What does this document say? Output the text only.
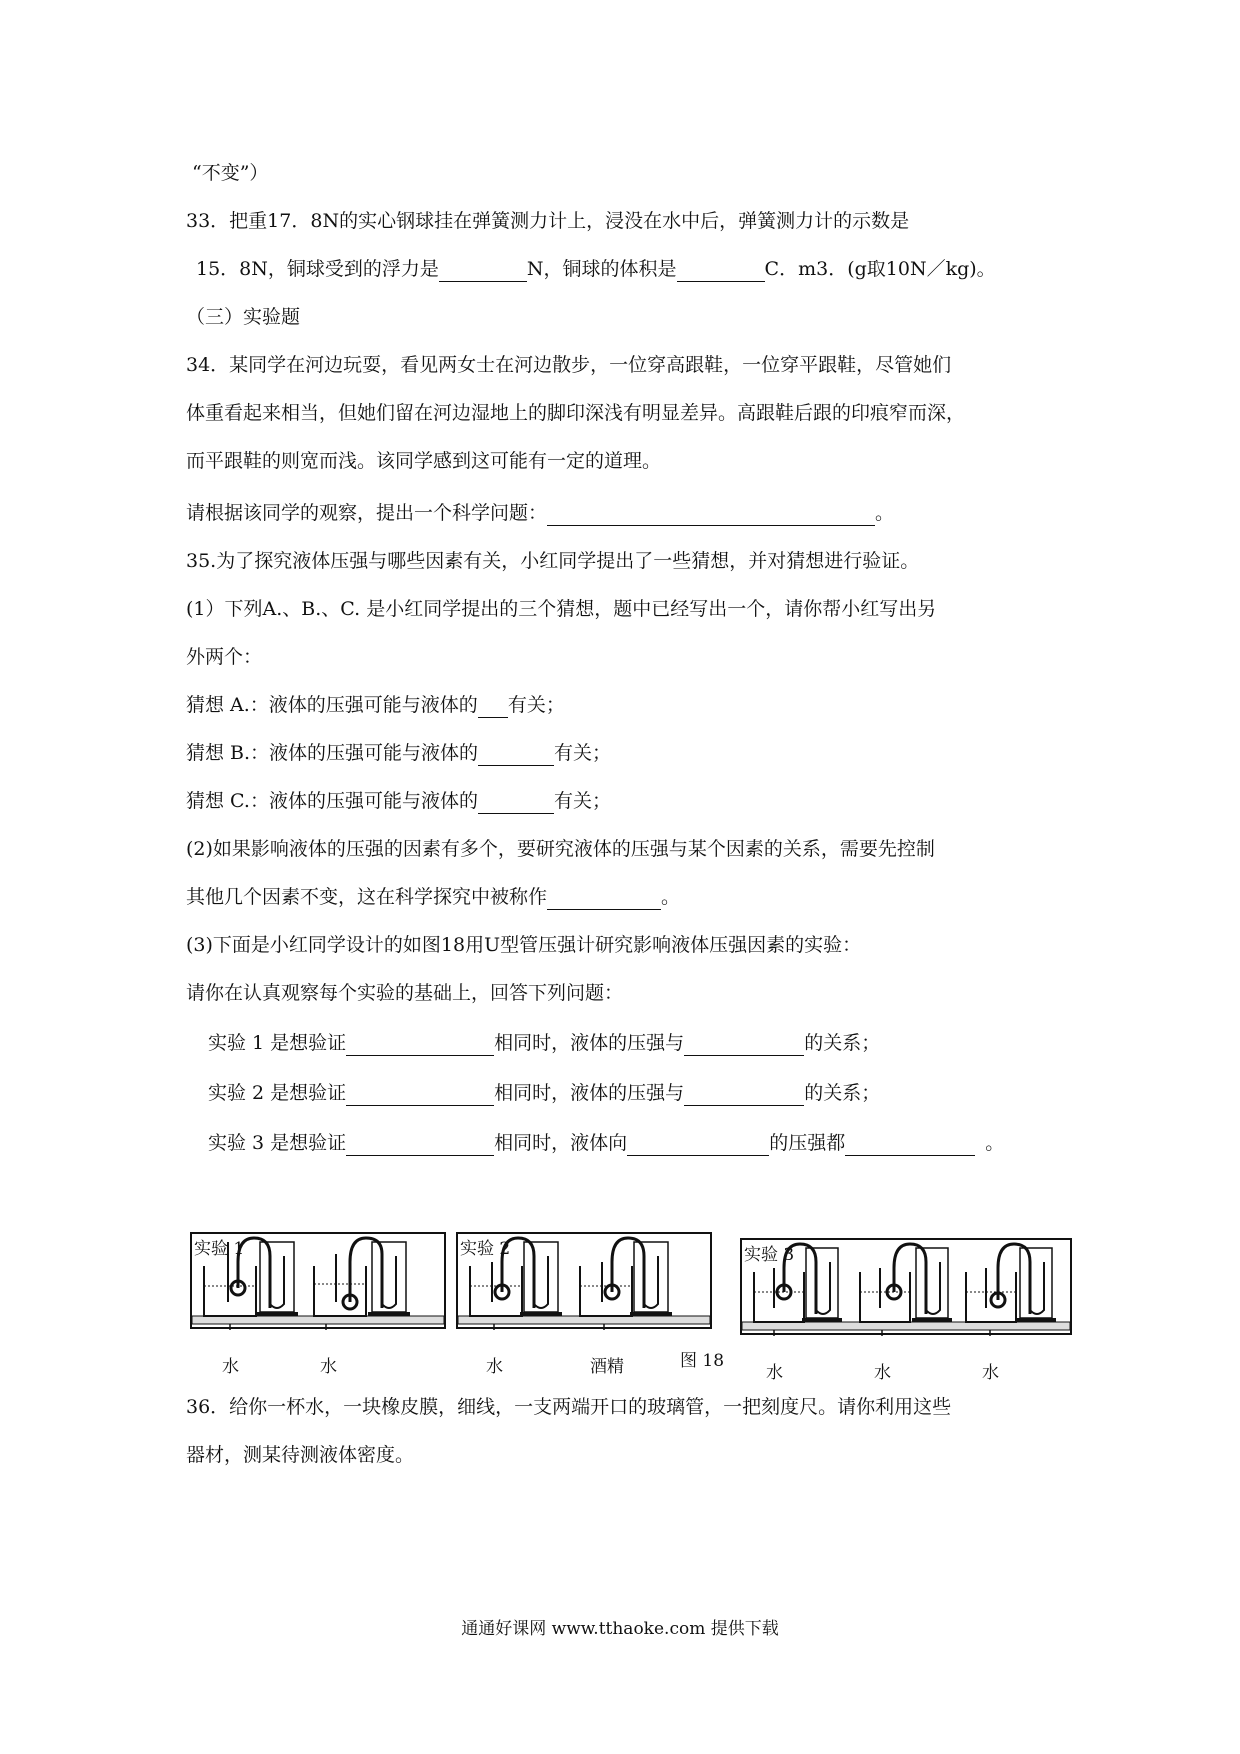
“不变”）
33．把重17．8N的实心钢球挂在弹簧测力计上，浸没在水中后，弹簧测力计的示数是
15．8N，铜球受到的浮力是	N，铜球的体积是	C．m3．(g取10N／kg)。
（三）实验题
34．某同学在河边玩耍，看见两女士在河边散步，一位穿高跟鞋，一位穿平跟鞋，尽管她们
体重看起来相当，但她们留在河边湿地上的脚印深浅有明显差异。高跟鞋后跟的印痕窄而深，
而平跟鞋的则宽而浅。该同学感到这可能有一定的道理。
请根据该同学的观察，提出一个科学问题：	。
35.为了探究液体压强与哪些因素有关，小红同学提出了一些猜想，并对猜想进行验证。
(1）下列A.、B.、C. 是小红同学提出的三个猜想，题中已经写出一个，请你帮小红写出另
外两个：
猜想 A.：液体的压强可能与液体的 有关；
猜想 B.：液体的压强可能与液体的	有关；
猜想 C.：液体的压强可能与液体的	有关；
(2)如果影响液体的压强的因素有多个，要研究液体的压强与某个因素的关系，需要先控制
其他几个因素不变，这在科学探究中被称作	。
(3)下面是小红同学设计的如图18用U型管压强计研究影响液体压强因素的实验：
请你在认真观察每个实验的基础上，回答下列问题：
实验 1 是想验证	相同时，液体的压强与	的关系；
实验 2 是想验证	相同时，液体的压强与	的关系；
实验 3 是想验证	相同时，液体向	的压强都	。
实验 1
水	水
实验 2
水	酒精
实验 3
水	水	水
图 18
36．给你一杯水，一块橡皮膜，细线，一支两端开口的玻璃管，一把刻度尺。请你利用这些
器材，测某待测液体密度。
通通好课网 www.tthaoke.com 提供下载
